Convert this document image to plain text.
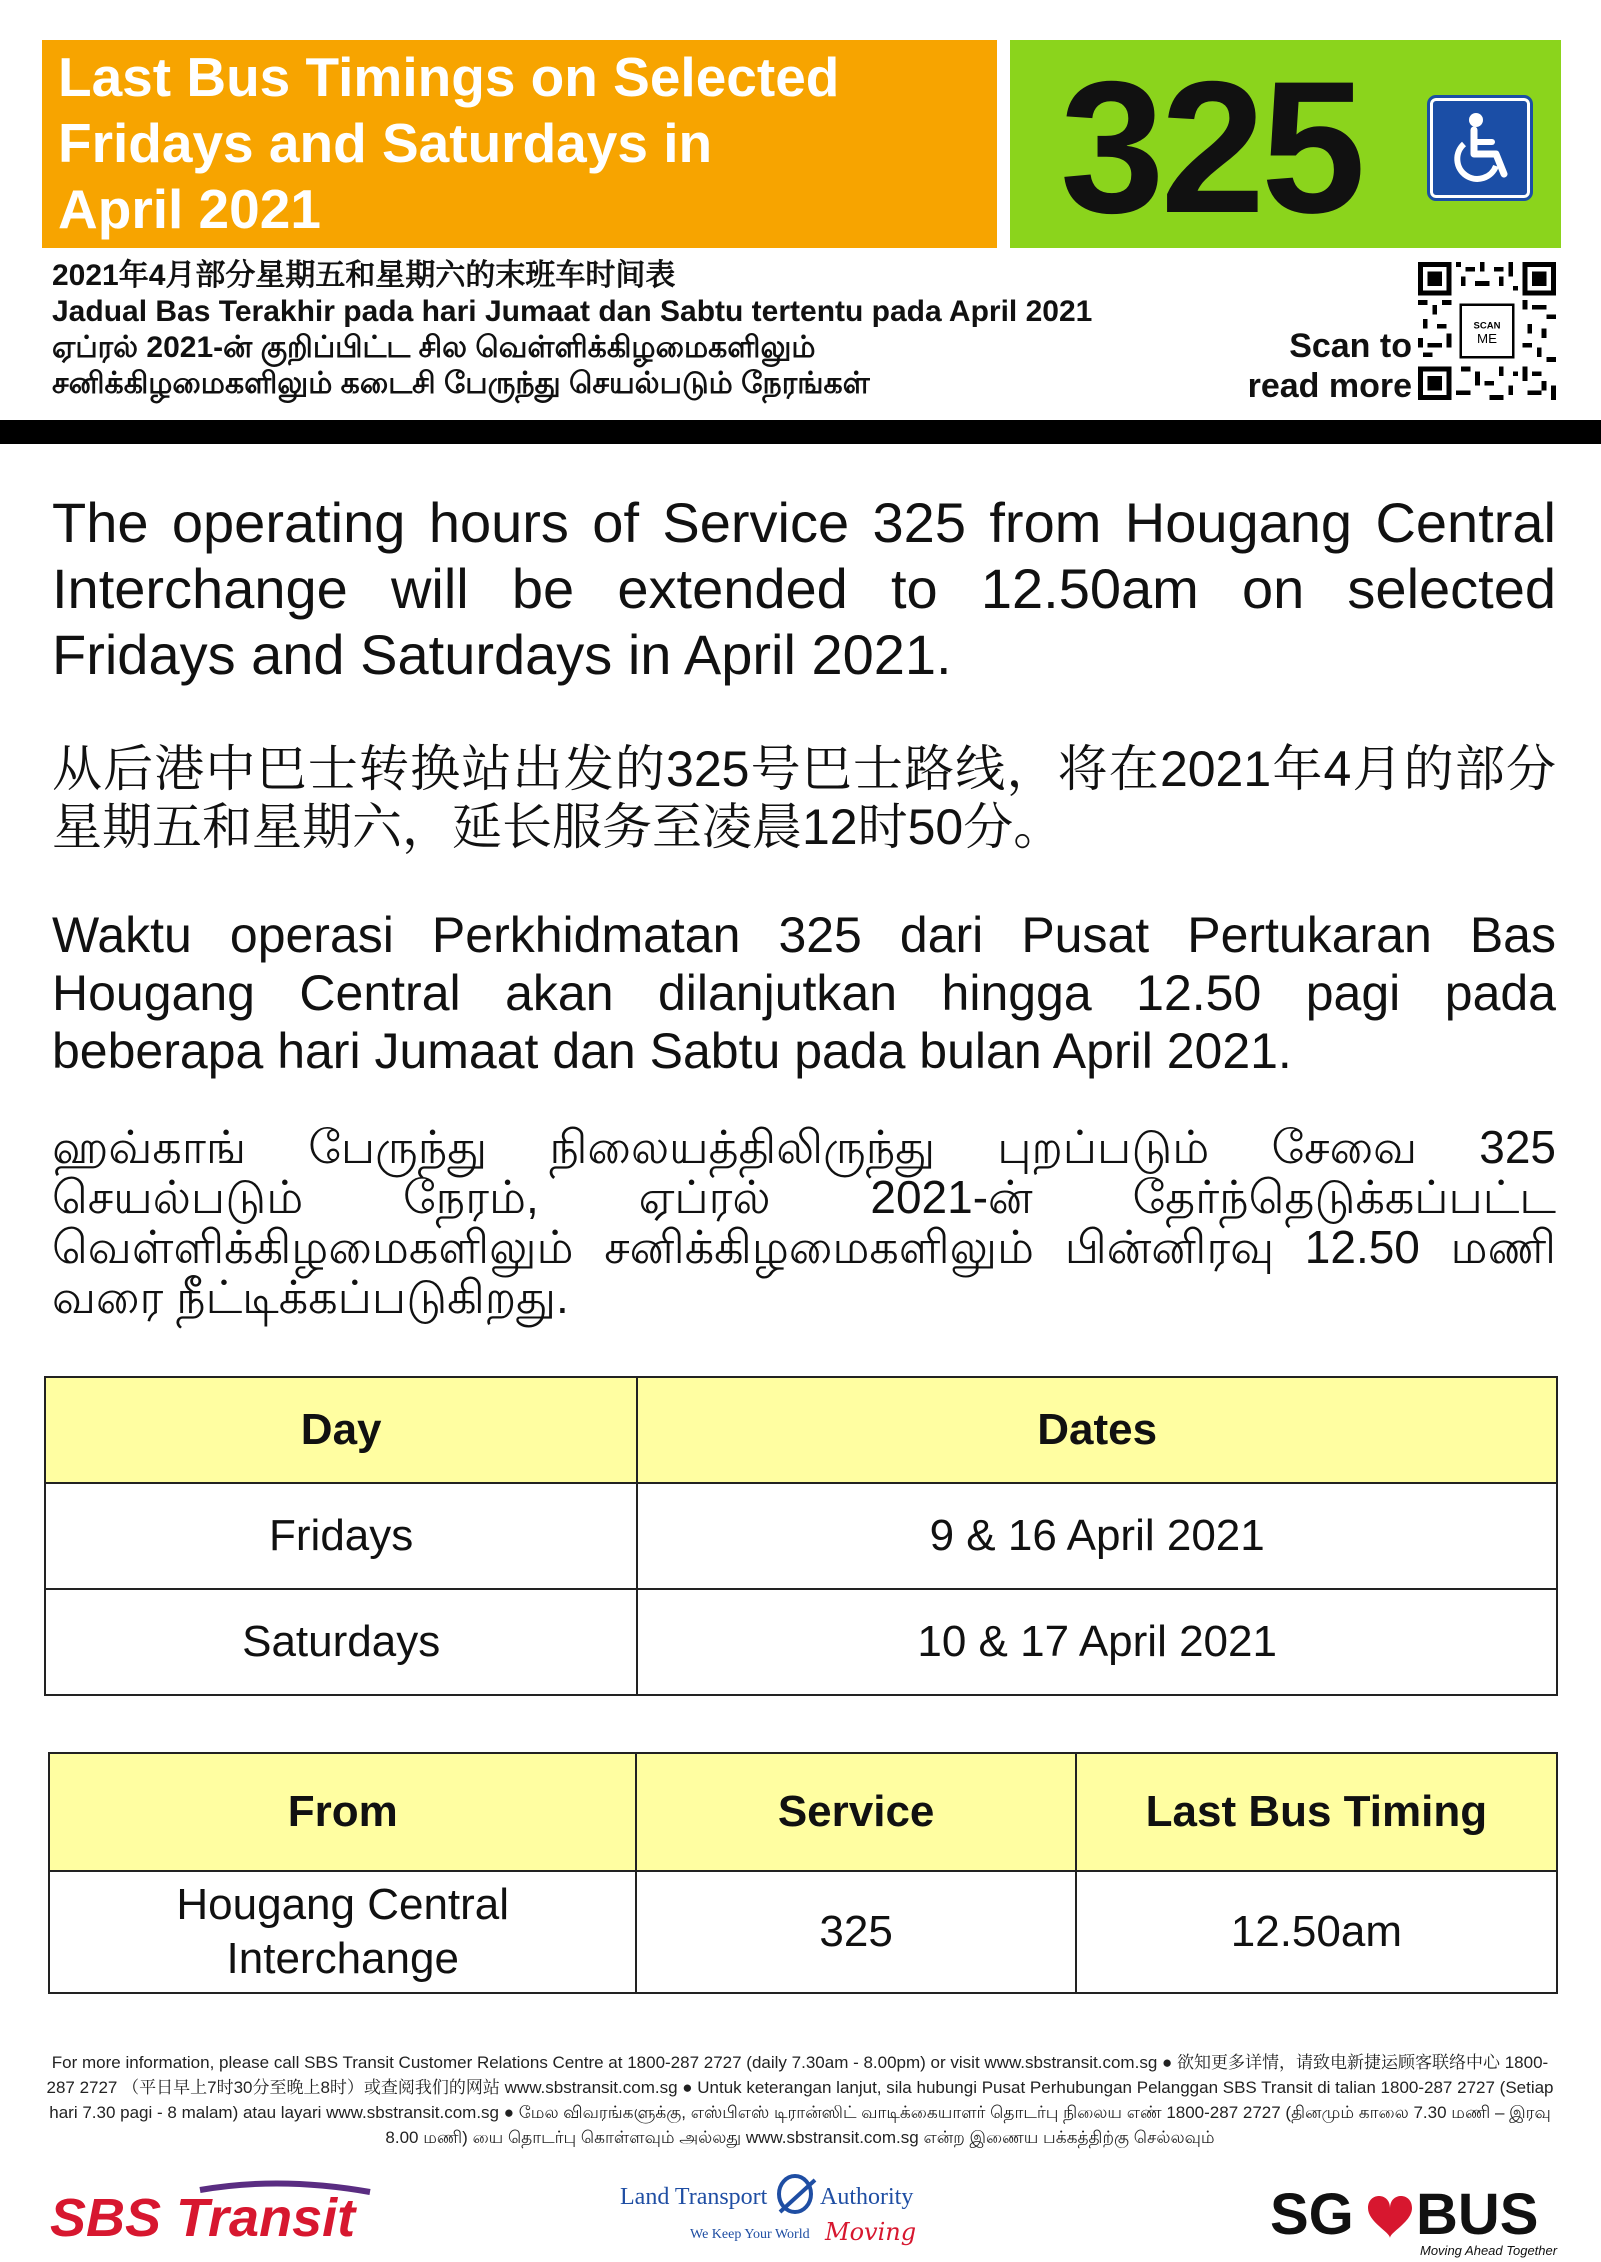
Last Bus Timings on Selected
Fridays and Saturdays in
April 2021	325
2021年4月部分星期五和星期六的末班车时间表
Jadual Bas Terakhir pada hari Jumaat dan Sabtu tertentu pada April 2021
ஏப்ரல் 2021-ன் குறிப்பிட்ட சில வெள்ளிக்கிழமைகளிலும்
சனிக்கிழமைகளிலும் கடைசி பேருந்து செயல்படும் நேரங்கள்
Scan to
read more
SCAN
ME
The operating hours of Service 325 from Hougang Central Interchange will be extended to 12.50am on selected Fridays and Saturdays in April 2021.
从后港中巴士转换站出发的325号巴士路线，将在2021年4月的部分星期五和星期六，延长服务至凌晨12时50分。
Waktu operasi Perkhidmatan 325 dari Pusat Pertukaran Bas Hougang Central akan dilanjutkan hingga 12.50 pagi pada beberapa hari Jumaat dan Sabtu pada bulan April 2021.
ஹவ்காங் பேருந்து நிலையத்திலிருந்து புறப்படும் சேவை 325 செயல்படும் நேரம், ஏப்ரல் 2021-ன் தேர்ந்தெடுக்கப்பட்ட வெள்ளிக்கிழமைகளிலும் சனிக்கிழமைகளிலும் பின்னிரவு 12.50 மணி வரை நீட்டிக்கப்படுகிறது.
Day	Dates
Fridays	9 & 16 April 2021
Saturdays	10 & 17 April 2021
From	Service	Last Bus Timing

Hougang Central Interchange	325	12.50am
For more information, please call SBS Transit Customer Relations Centre at 1800-287 2727 (daily 7.30am - 8.00pm) or visit www.sbstransit.com.sg ● 欲知更多详情，请致电新捷运顾客联络中心 1800-287 2727 （平日早上7时30分至晚上8时）或查阅我们的网站 www.sbstransit.com.sg ● Untuk keterangan lanjut, sila hubungi Pusat Perhubungan Pelanggan SBS Transit di talian 1800-287 2727 (Setiap hari 7.30 pagi - 8 malam) atau layari www.sbstransit.com.sg ● மேல விவரங்களுக்கு, எஸ்பிஎஸ் டிரான்ஸிட் வாடிக்கையாளர் தொடர்பு நிலைய எண் 1800-287 2727 (தினமும் காலை 7.30 மணி – இரவு 8.00 மணி) யை தொடர்பு கொள்ளவும் அல்லது www.sbstransit.com.sg என்ற இணைய பக்கத்திற்கு செல்லவும்
SBS Transit	Land Transport Authority
We Keep Your World Moving	SG BUS
Moving Ahead Together
